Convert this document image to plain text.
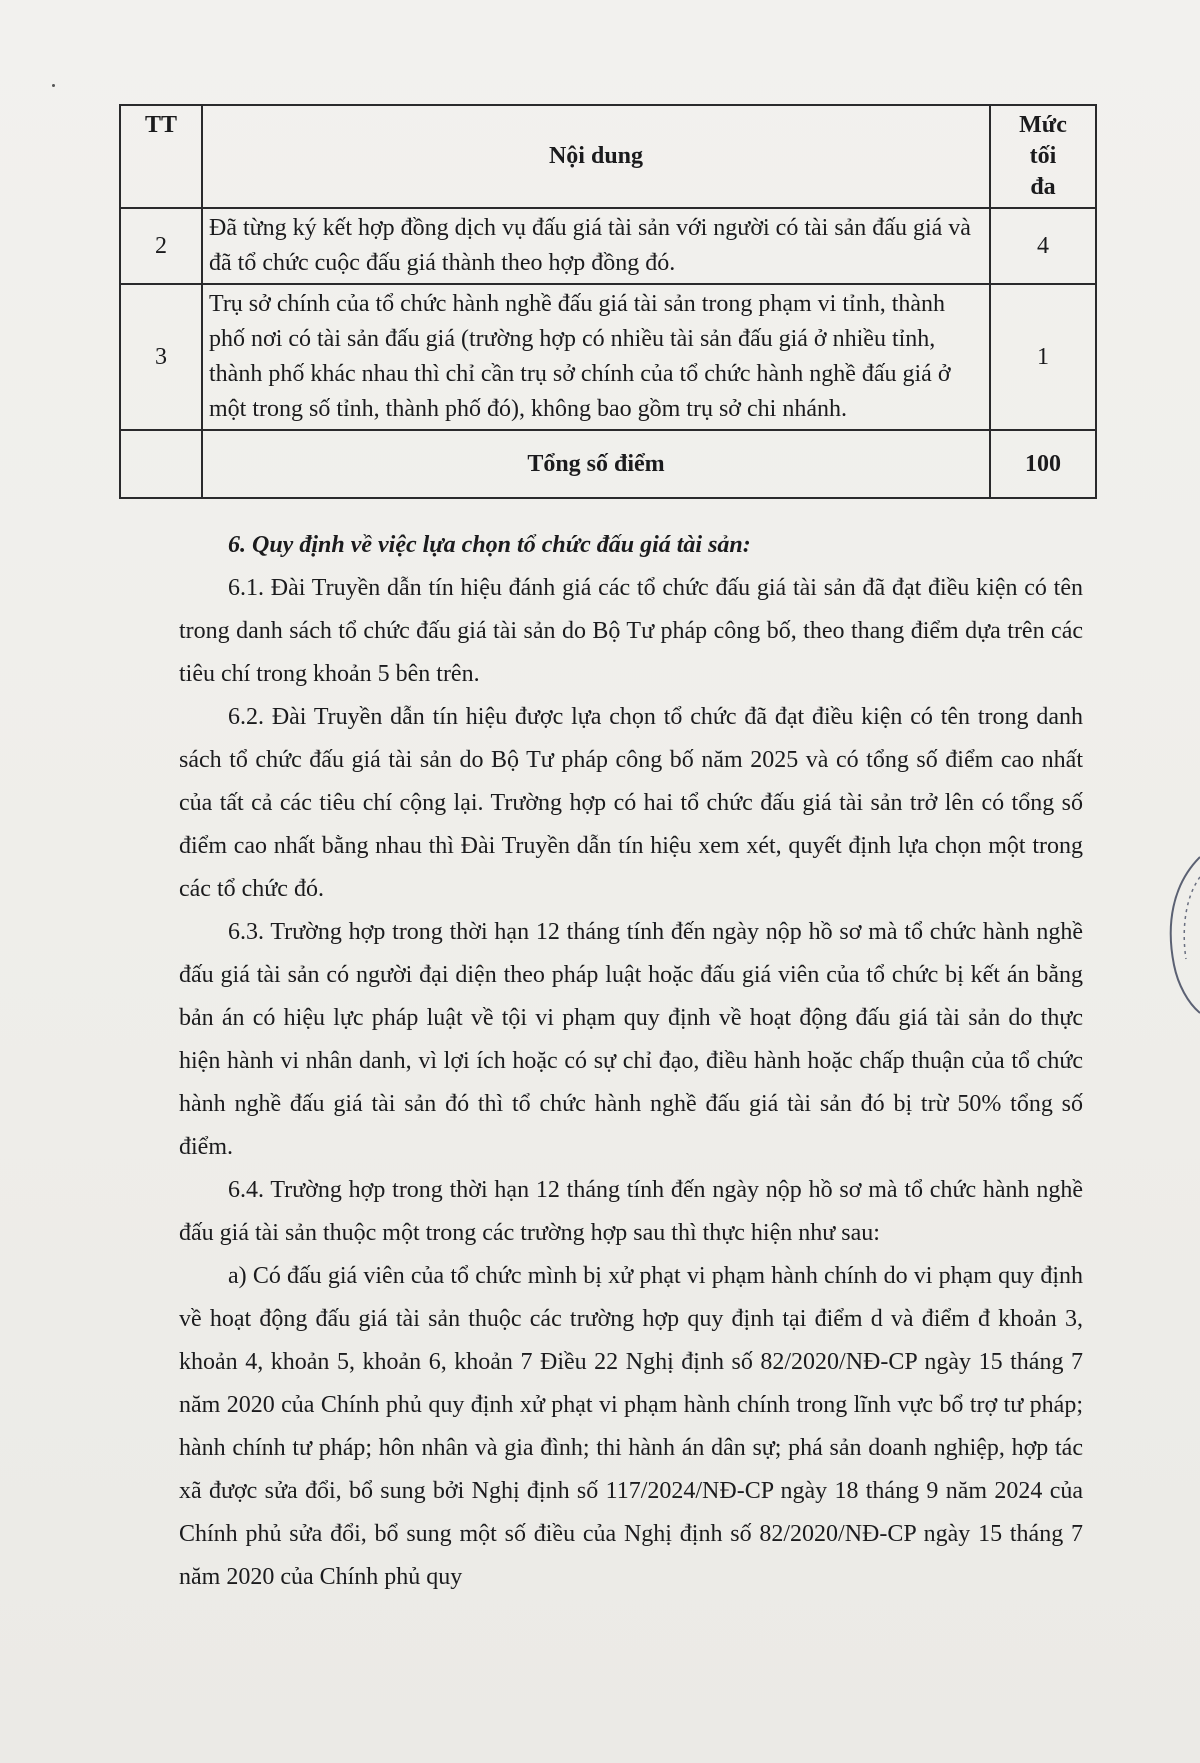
TT	Nội dung	Mức
tối
đa

2	Đã từng ký kết hợp đồng dịch vụ đấu giá tài sản với người có tài sản đấu giá và đã tổ chức cuộc đấu giá thành theo hợp đồng đó.	4
3	Trụ sở chính của tổ chức hành nghề đấu giá tài sản trong phạm vi tỉnh, thành phố nơi có tài sản đấu giá (trường hợp có nhiều tài sản đấu giá ở nhiều tỉnh, thành phố khác nhau thì chỉ cần trụ sở chính của tổ chức hành nghề đấu giá ở một trong số tỉnh, thành phố đó), không bao gồm trụ sở chi nhánh.	1
	Tổng số điểm	100

6. Quy định về việc lựa chọn tổ chức đấu giá tài sản:

6.1. Đài Truyền dẫn tín hiệu đánh giá các tổ chức đấu giá tài sản đã đạt điều kiện có tên trong danh sách tổ chức đấu giá tài sản do Bộ Tư pháp công bố, theo thang điểm dựa trên các tiêu chí trong khoản 5 bên trên.

6.2. Đài Truyền dẫn tín hiệu được lựa chọn tổ chức đã đạt điều kiện có tên trong danh sách tổ chức đấu giá tài sản do Bộ Tư pháp công bố năm 2025 và có tổng số điểm cao nhất của tất cả các tiêu chí cộng lại. Trường hợp có hai tổ chức đấu giá tài sản trở lên có tổng số điểm cao nhất bằng nhau thì Đài Truyền dẫn tín hiệu xem xét, quyết định lựa chọn một trong các tổ chức đó.

6.3. Trường hợp trong thời hạn 12 tháng tính đến ngày nộp hồ sơ mà tổ chức hành nghề đấu giá tài sản có người đại diện theo pháp luật hoặc đấu giá viên của tổ chức bị kết án bằng bản án có hiệu lực pháp luật về tội vi phạm quy định về hoạt động đấu giá tài sản do thực hiện hành vi nhân danh, vì lợi ích hoặc có sự chỉ đạo, điều hành hoặc chấp thuận của tổ chức hành nghề đấu giá tài sản đó thì tổ chức hành nghề đấu giá tài sản đó bị trừ 50% tổng số điểm.

6.4. Trường hợp trong thời hạn 12 tháng tính đến ngày nộp hồ sơ mà tổ chức hành nghề đấu giá tài sản thuộc một trong các trường hợp sau thì thực hiện như sau:

a) Có đấu giá viên của tổ chức mình bị xử phạt vi phạm hành chính do vi phạm quy định về hoạt động đấu giá tài sản thuộc các trường hợp quy định tại điểm d và điểm đ khoản 3, khoản 4, khoản 5, khoản 6, khoản 7 Điều 22 Nghị định số 82/2020/NĐ-CP ngày 15 tháng 7 năm 2020 của Chính phủ quy định xử phạt vi phạm hành chính trong lĩnh vực bổ trợ tư pháp; hành chính tư pháp; hôn nhân và gia đình; thi hành án dân sự; phá sản doanh nghiệp, hợp tác xã được sửa đổi, bổ sung bởi Nghị định số 117/2024/NĐ-CP ngày 18 tháng 9 năm 2024 của Chính phủ sửa đổi, bổ sung một số điều của Nghị định số 82/2020/NĐ-CP ngày 15 tháng 7 năm 2020 của Chính phủ quy
